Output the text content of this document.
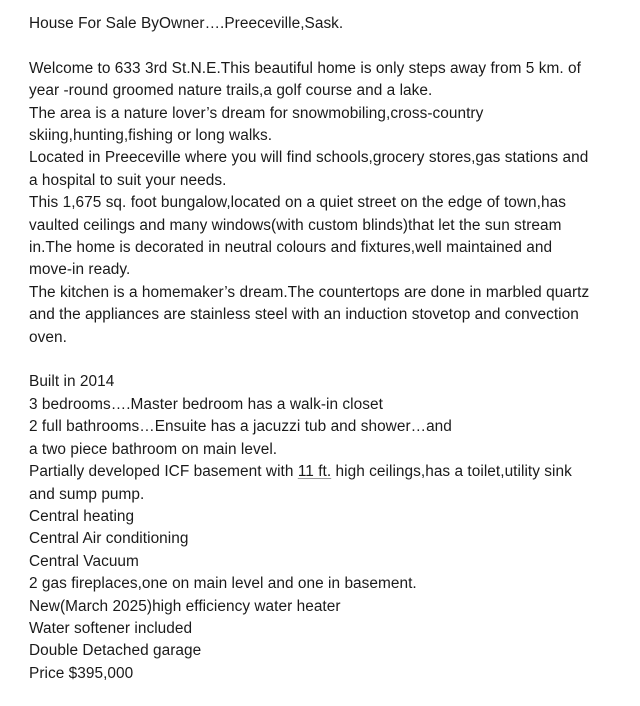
House For Sale ByOwner….Preeceville,Sask.
Welcome to 633 3rd St.N.E.This beautiful home is only steps away from 5 km. of
year -round groomed nature trails,a golf course and a lake.
The area is a nature lover’s dream for snowmobiling,cross-country
skiing,hunting,fishing or long walks.
Located in Preeceville where you will find schools,grocery stores,gas stations and
a hospital to suit your needs.
This 1,675 sq. foot bungalow,located on a quiet street on the edge of town,has
vaulted ceilings and many windows(with custom blinds)that let the sun stream
in.The home is decorated in neutral colours and fixtures,well maintained and
move-in ready.
The kitchen is a homemaker’s dream.The countertops are done in marbled quartz
and the appliances are stainless steel with an induction stovetop and convection
oven.
Built in 2014
3 bedrooms….Master bedroom has a walk-in closet
2 full bathrooms…Ensuite has a jacuzzi tub and shower…and
a two piece bathroom on main level.
Partially developed ICF basement with 11 ft. high ceilings,has a toilet,utility sink
and sump pump.
Central heating
Central Air conditioning
Central Vacuum
2 gas fireplaces,one on main level and one in basement.
New(March 2025)high efficiency water heater
Water softener included
Double Detached garage
Price $395,000
